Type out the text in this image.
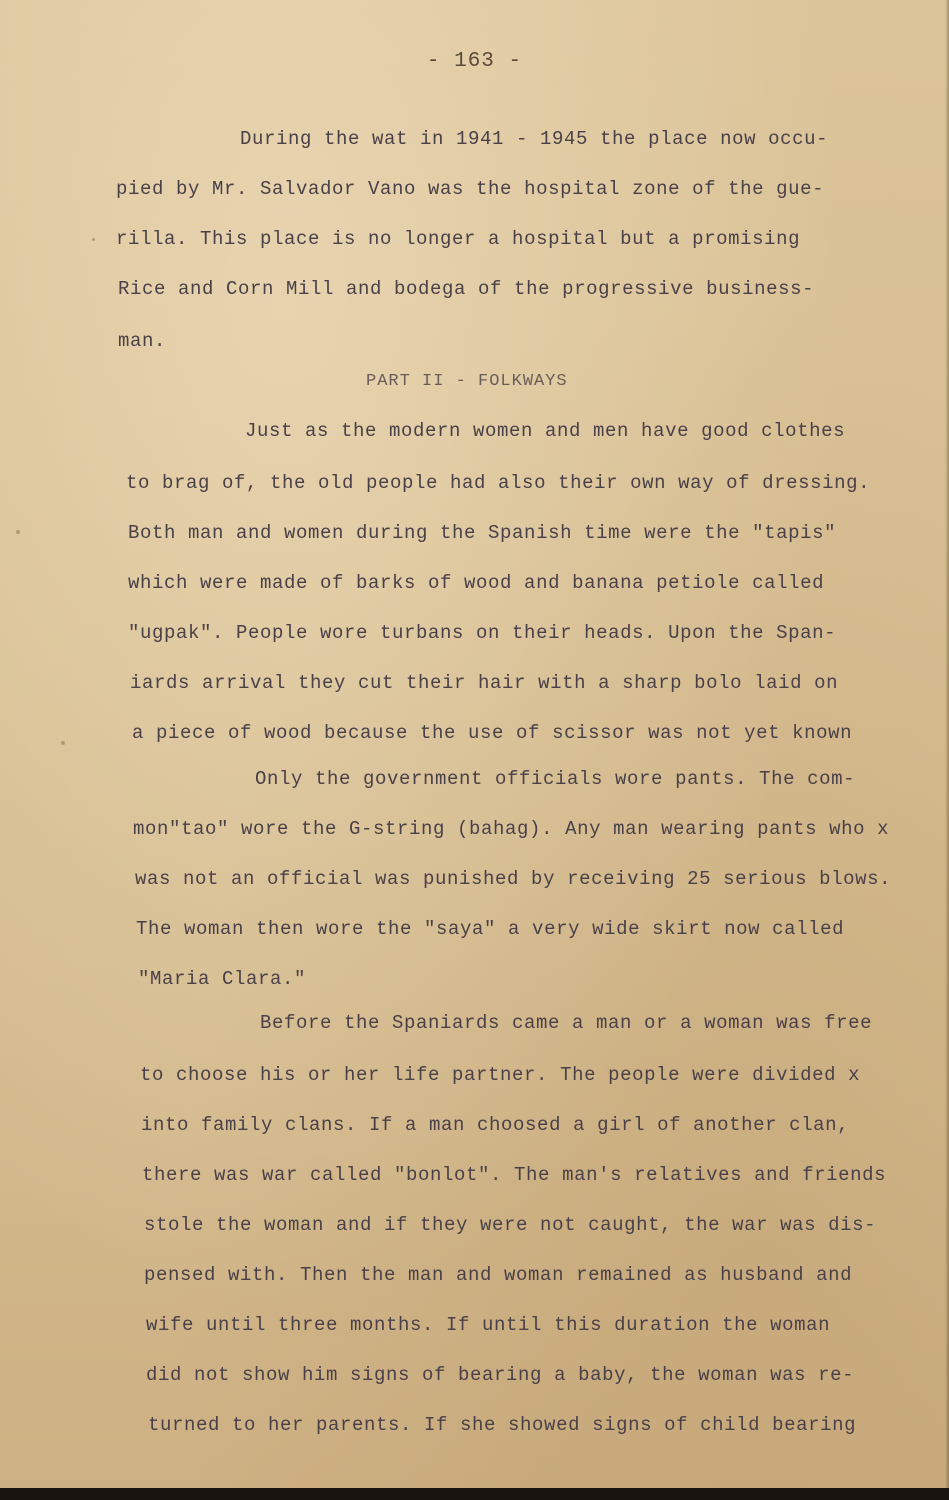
- 163 -
During the wat in 1941 - 1945 the place now occu-
pied by Mr. Salvador Vano was the hospital zone of the gue-
rilla. This place is no longer a hospital but a promising
Rice and Corn Mill and bodega of the progressive business-
man.
PART II - FOLKWAYS
Just as the modern women and men have good clothes
to brag of, the old people had also their own way of dressing.
Both man and women during the Spanish time were the "tapis"
which were made of barks of wood and banana petiole called
"ugpak". People wore turbans on their heads. Upon the Span-
iards arrival they cut their hair with a sharp bolo laid on
a piece of wood because the use of scissor was not yet known
Only the government officials wore pants. The com-
mon"tao" wore the G-string (bahag). Any man wearing pants who x
was not an official was punished by receiving 25 serious blows.
The woman then wore the "saya" a very wide skirt now called
"Maria Clara."
Before the Spaniards came a man or a woman was free
to choose his or her life partner. The people were divided x
into family clans. If a man choosed a girl of another clan,
there was war called "bonlot". The man's relatives and friends
stole the woman and if they were not caught, the war was dis-
pensed with. Then the man and woman remained as husband and
wife until three months. If until this duration the woman
did not show him signs of bearing a baby, the woman was re-
turned to her parents. If she showed signs of child bearing
